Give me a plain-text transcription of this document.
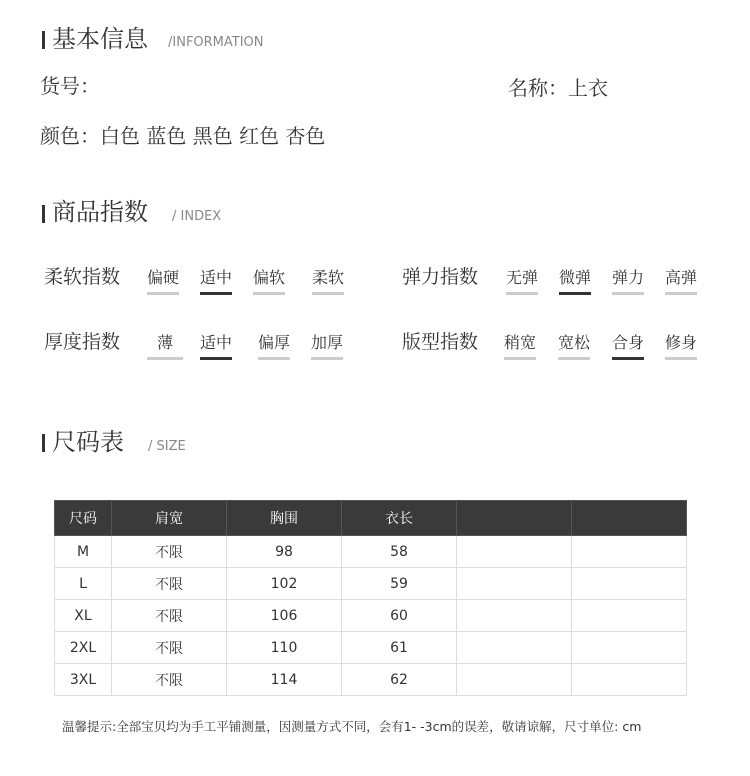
基本信息 /INFORMATION
货号：	名称：上衣
颜色：白色 蓝色 黑色 红色 杏色
商品指数 / INDEX
柔软指数 偏硬 适中 偏软 柔软	弹力指数 无弹 微弹 弹力 高弹
厚度指数	薄	适中 偏厚 加厚	版型指数 稍宽 宽松 合身 修身
尺码表 / SIZE
尺码	肩宽	胸围	衣长		
M	不限	98	58		
L	不限	102	59		
XL	不限	106	60		
2XL	不限	110	61		
3XL	不限	114	62		
温馨提示:全部宝贝均为手工平铺测量，因测量方式不同，会有1- -3cm的误差，敬请谅解，尺寸单位: cm
